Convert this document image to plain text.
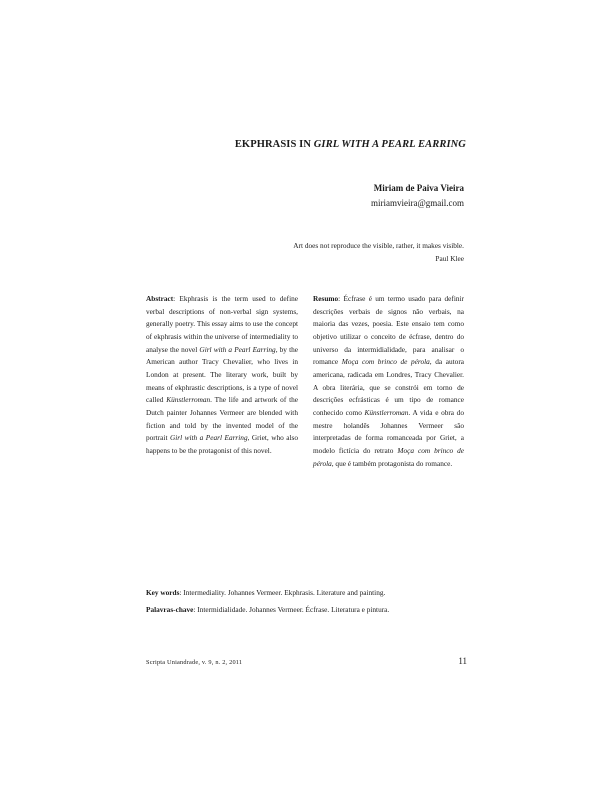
EKPHRASIS IN GIRL WITH A PEARL EARRING
Miriam de Paiva Vieira
miriamvieira@gmail.com
Art does not reproduce the visible, rather, it makes visible.
Paul Klee
Abstract: Ekphrasis is the term used to define verbal descriptions of non-verbal sign systems, generally poetry. This essay aims to use the concept of ekphrasis within the universe of intermediality to analyse the novel Girl with a Pearl Earring, by the American author Tracy Chevalier, who lives in London at present. The literary work, built by means of ekphrastic descriptions, is a type of novel called Künstlerroman. The life and artwork of the Dutch painter Johannes Vermeer are blended with fiction and told by the invented model of the portrait Girl with a Pearl Earring, Griet, who also happens to be the protagonist of this novel.
Resumo: Écfrase é um termo usado para definir descrições verbais de signos não verbais, na maioria das vezes, poesia. Este ensaio tem como objetivo utilizar o conceito de écfrase, dentro do universo da intermidialidade, para analisar o romance Moça com brinco de pérola, da autora americana, radicada em Londres, Tracy Chevalier. A obra literária, que se constrói em torno de descrições ecfrásticas é um tipo de romance conhecido como Künstlerroman. A vida e obra do mestre holandês Johannes Vermeer são interpretadas de forma romanceada por Griet, a modelo fictícia do retrato Moça com brinco de pérola, que é também protagonista do romance.
Key words: Intermediality. Johannes Vermeer. Ekphrasis. Literature and painting.
Palavras-chave: Intermidialidade. Johannes Vermeer. Écfrase. Literatura e pintura.
Scripta Uniandrade, v. 9, n. 2, 2011	11
